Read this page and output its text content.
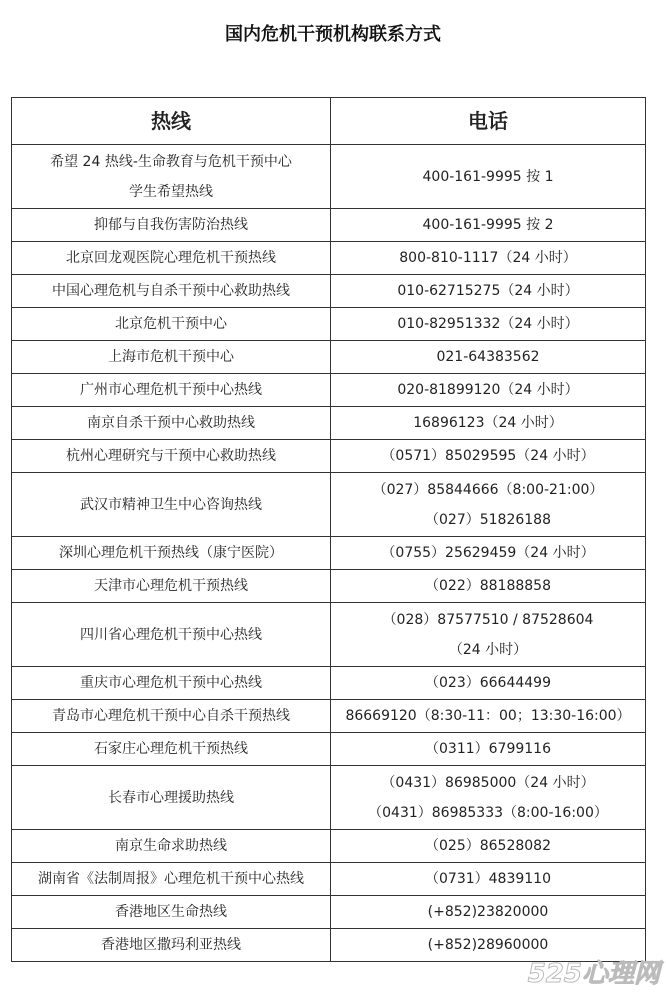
国内危机干预机构联系方式
热线	电话

希望 24 热线-生命教育与危机干预中心
学生希望热线	400-161-9995 按 1

抑郁与自我伤害防治热线	400-161-9995 按 2

北京回龙观医院心理危机干预热线	800-810-1117（24 小时）

中国心理危机与自杀干预中心救助热线	010-62715275（24 小时）

北京危机干预中心	010-82951332（24 小时）

上海市危机干预中心	021-64383562

广州市心理危机干预中心热线	020-81899120（24 小时）

南京自杀干预中心救助热线	16896123（24 小时）

杭州心理研究与干预中心救助热线	（0571）85029595（24 小时）

武汉市精神卫生中心咨询热线	（027）85844666（8:00-21:00）
（027）51826188

深圳心理危机干预热线（康宁医院）	（0755）25629459（24 小时）

天津市心理危机干预热线	（022）88188858

四川省心理危机干预中心热线	（028）87577510 / 87528604
（24 小时）

重庆市心理危机干预中心热线	（023）66644499

青岛市心理危机干预中心自杀干预热线	86669120（8:30-11：00；13:30-16:00）

石家庄心理危机干预热线	（0311）6799116

长春市心理援助热线	（0431）86985000（24 小时）
（0431）86985333（8:00-16:00）

南京生命求助热线	（025）86528082

湖南省《法制周报》心理危机干预中心热线	（0731）4839110

香港地区生命热线	(+852)23820000

香港地区撒玛利亚热线	(+852)28960000
525心理网
